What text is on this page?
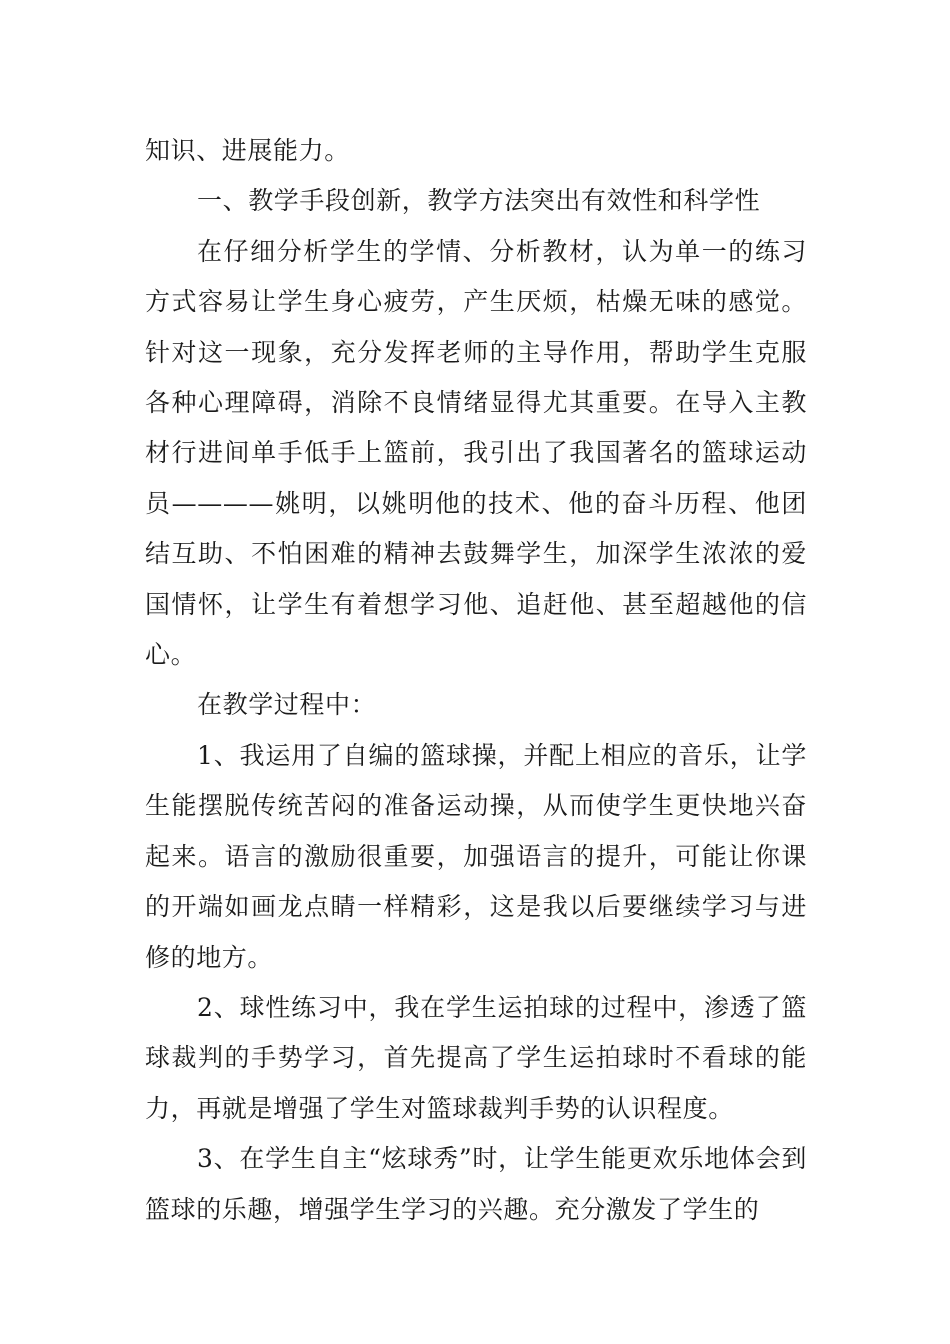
知识、进展能力。

一、教学手段创新，教学方法突出有效性和科学性

在仔细分析学生的学情、分析教材，认为单一的练习方式容易让学生身心疲劳，产生厌烦，枯燥无味的感觉。针对这一现象，充分发挥老师的主导作用，帮助学生克服各种心理障碍，消除不良情绪显得尤其重要。在导入主教材行进间单手低手上篮前，我引出了我国著名的篮球运动员————姚明，以姚明他的技术、他的奋斗历程、他团结互助、不怕困难的精神去鼓舞学生，加深学生浓浓的爱国情怀，让学生有着想学习他、追赶他、甚至超越他的信心。

在教学过程中：

1、我运用了自编的篮球操，并配上相应的音乐，让学生能摆脱传统苦闷的准备运动操，从而使学生更快地兴奋起来。语言的激励很重要，加强语言的提升，可能让你课的开端如画龙点睛一样精彩，这是我以后要继续学习与进修的地方。

2、球性练习中，我在学生运拍球的过程中，渗透了篮球裁判的手势学习，首先提高了学生运拍球时不看球的能力，再就是增强了学生对篮球裁判手势的认识程度。

3、在学生自主“炫球秀”时，让学生能更欢乐地体会到篮球的乐趣，增强学生学习的兴趣。充分激发了学生的
